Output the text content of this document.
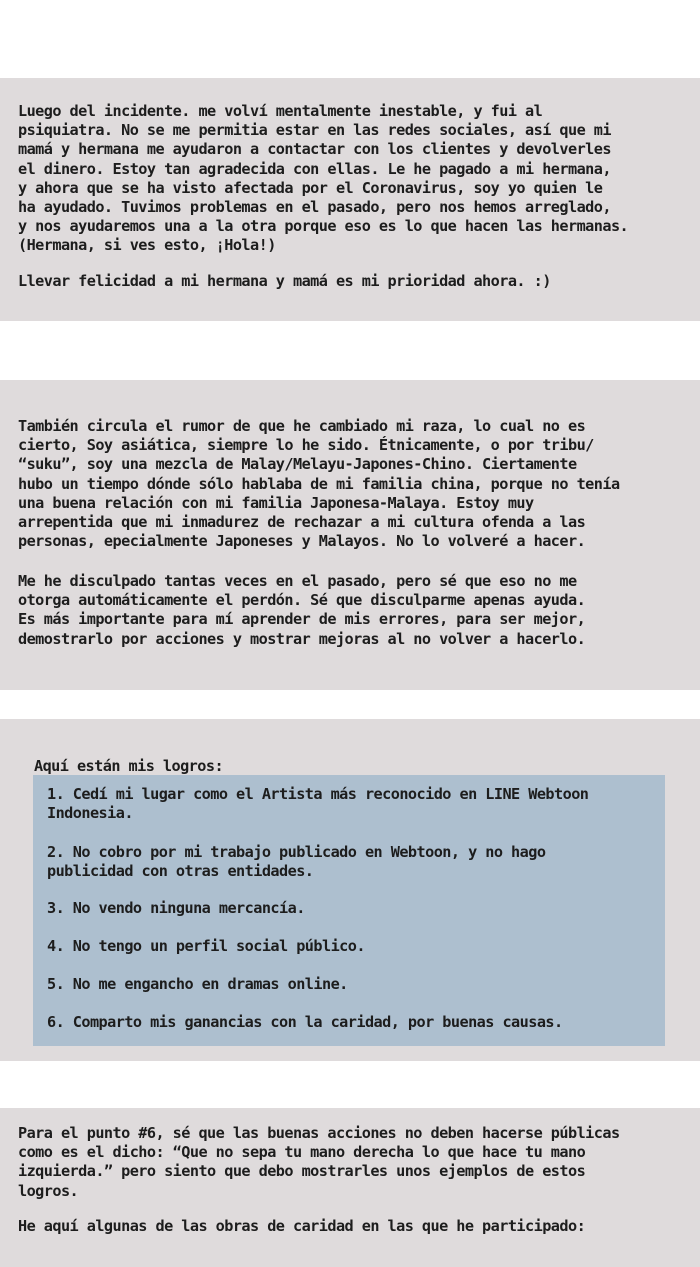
Luego del incidente. me volví mentalmente inestable, y fui al
psiquiatra. No se me permitia estar en las redes sociales, así que mi
mamá y hermana me ayudaron a contactar con los clientes y devolverles
el dinero. Estoy tan agradecida con ellas. Le he pagado a mi hermana,
y ahora que se ha visto afectada por el Coronavirus, soy yo quien le
ha ayudado. Tuvimos problemas en el pasado, pero nos hemos arreglado,
y nos ayudaremos una a la otra porque eso es lo que hacen las hermanas.
(Hermana, si ves esto, ¡Hola!)

Llevar felicidad a mi hermana y mamá es mi prioridad ahora. :)

También circula el rumor de que he cambiado mi raza, lo cual no es
cierto, Soy asiática, siempre lo he sido. Étnicamente, o por tribu/
“suku”, soy una mezcla de Malay/Melayu-Japones-Chino. Ciertamente
hubo un tiempo dónde sólo hablaba de mi familia china, porque no tenía
una buena relación con mi familia Japonesa-Malaya. Estoy muy
arrepentida que mi inmadurez de rechazar a mi cultura ofenda a las
personas, epecialmente Japoneses y Malayos. No lo volveré a hacer.

Me he disculpado tantas veces en el pasado, pero sé que eso no me
otorga automáticamente el perdón. Sé que disculparme apenas ayuda.
Es más importante para mí aprender de mis errores, para ser mejor,
demostrarlo por acciones y mostrar mejoras al no volver a hacerlo.

Aquí están mis logros:

1. Cedí mi lugar como el Artista más reconocido en LINE Webtoon
Indonesia.

2. No cobro por mi trabajo publicado en Webtoon, y no hago
publicidad con otras entidades.

3. No vendo ninguna mercancía.

4. No tengo un perfil social público.

5. No me engancho en dramas online.

6. Comparto mis ganancias con la caridad, por buenas causas.

Para el punto #6, sé que las buenas acciones no deben hacerse públicas
como es el dicho: “Que no sepa tu mano derecha lo que hace tu mano
izquierda.” pero siento que debo mostrarles unos ejemplos de estos
logros.

He aquí algunas de las obras de caridad en las que he participado:
